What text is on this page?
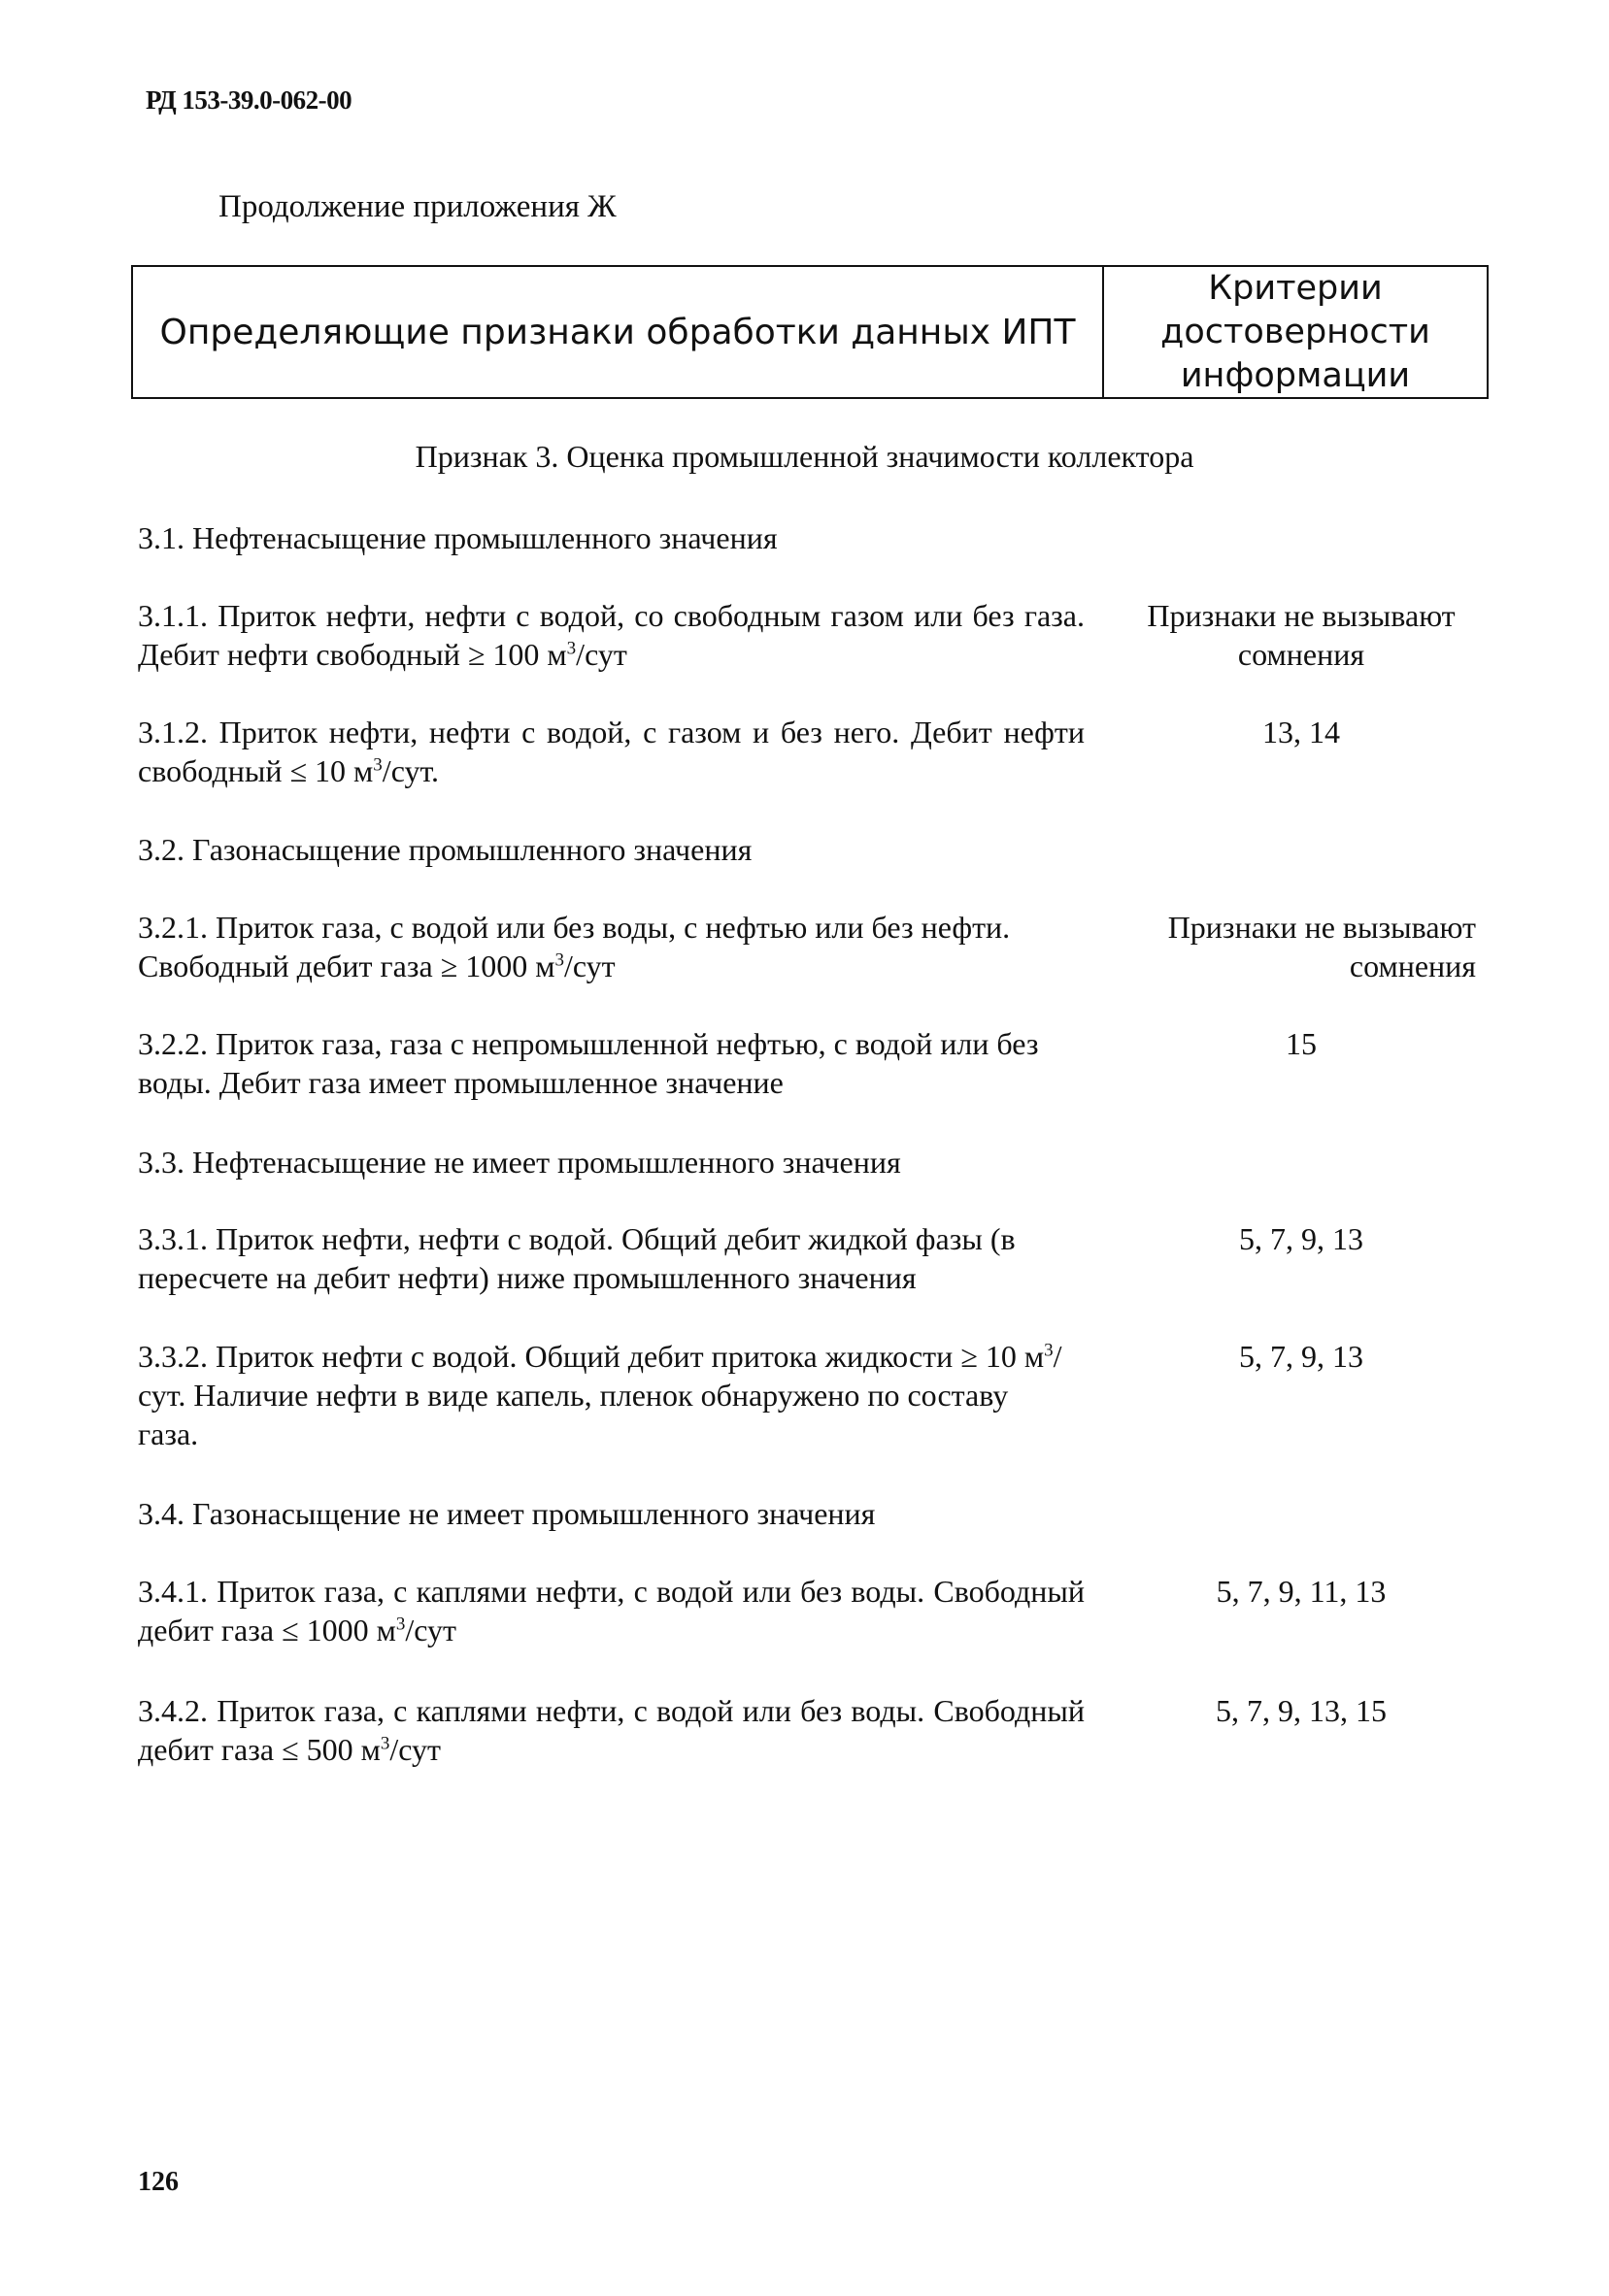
РД 153-39.0-062-00
Продолжение приложения Ж
Определяющие признаки обработки данных ИПТ
Критерии
достоверности
информации
Признак 3. Оценка промышленной значимости коллектора
3.1. Нефтенасыщение промышленного значения
3.1.1. Приток нефти, нефти с водой, со свободным газом или без газа. Дебит нефти свободный ≥ 100 $м^3$/сут
Признаки не вызывают
сомнения
3.1.2. Приток нефти, нефти с водой, с газом и без него. Дебит нефти свободный ≤ 10 $м^3$/сут.
13, 14
3.2. Газонасыщение промышленного значения
3.2.1. Приток газа, с водой или без воды, с нефтью или без нефти. Свободный дебит газа ≥ 1000 $м^3$/сут
Признаки не вызывают
сомнения
3.2.2. Приток газа, газа с непромышленной нефтью, с водой или без воды. Дебит газа имеет промышленное значение
15
3.3. Нефтенасыщение не имеет промышленного значения
3.3.1. Приток нефти, нефти с водой. Общий дебит жидкой фазы (в пересчете на дебит нефти) ниже промышленного значения
5, 7, 9, 13
3.3.2. Приток нефти с водой. Общий дебит притока жидкости ≥ 10 $м^3$/сут. Наличие нефти в виде капель, пленок обнаружено по составу газа.
5, 7, 9, 13
3.4. Газонасыщение не имеет промышленного значения
3.4.1. Приток газа, с каплями нефти, с водой или без воды. Свободный дебит газа ≤ 1000 $м^3$/сут
5, 7, 9, 11, 13
3.4.2. Приток газа, с каплями нефти, с водой или без воды. Свободный дебит газа ≤ 500 $м^3$/сут
5, 7, 9, 13, 15
126
